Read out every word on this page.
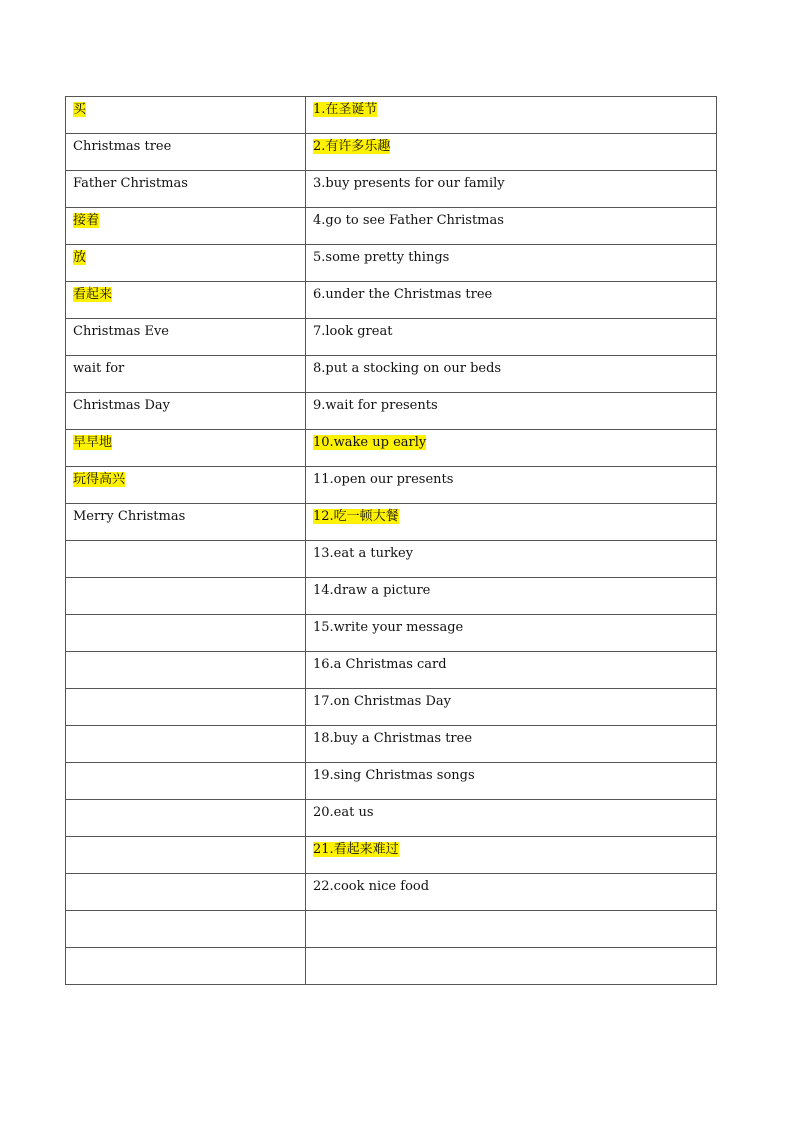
买	1.在圣诞节
Christmas tree	2.有许多乐趣
Father Christmas	3.buy presents for our family
接着	4.go to see Father Christmas
放	5.some pretty things
看起来	6.under the Christmas tree
Christmas Eve	7.look great
wait for	8.put a stocking on our beds
Christmas Day	9.wait for presents
早早地	10.wake up early
玩得高兴	11.open our presents
Merry Christmas	12.吃一顿大餐
	13.eat a turkey
	14.draw a picture
	15.write your message
	16.a Christmas card
	17.on Christmas Day
	18.buy a Christmas tree
	19.sing Christmas songs
	20.eat us
	21.看起来难过
	22.cook nice food
